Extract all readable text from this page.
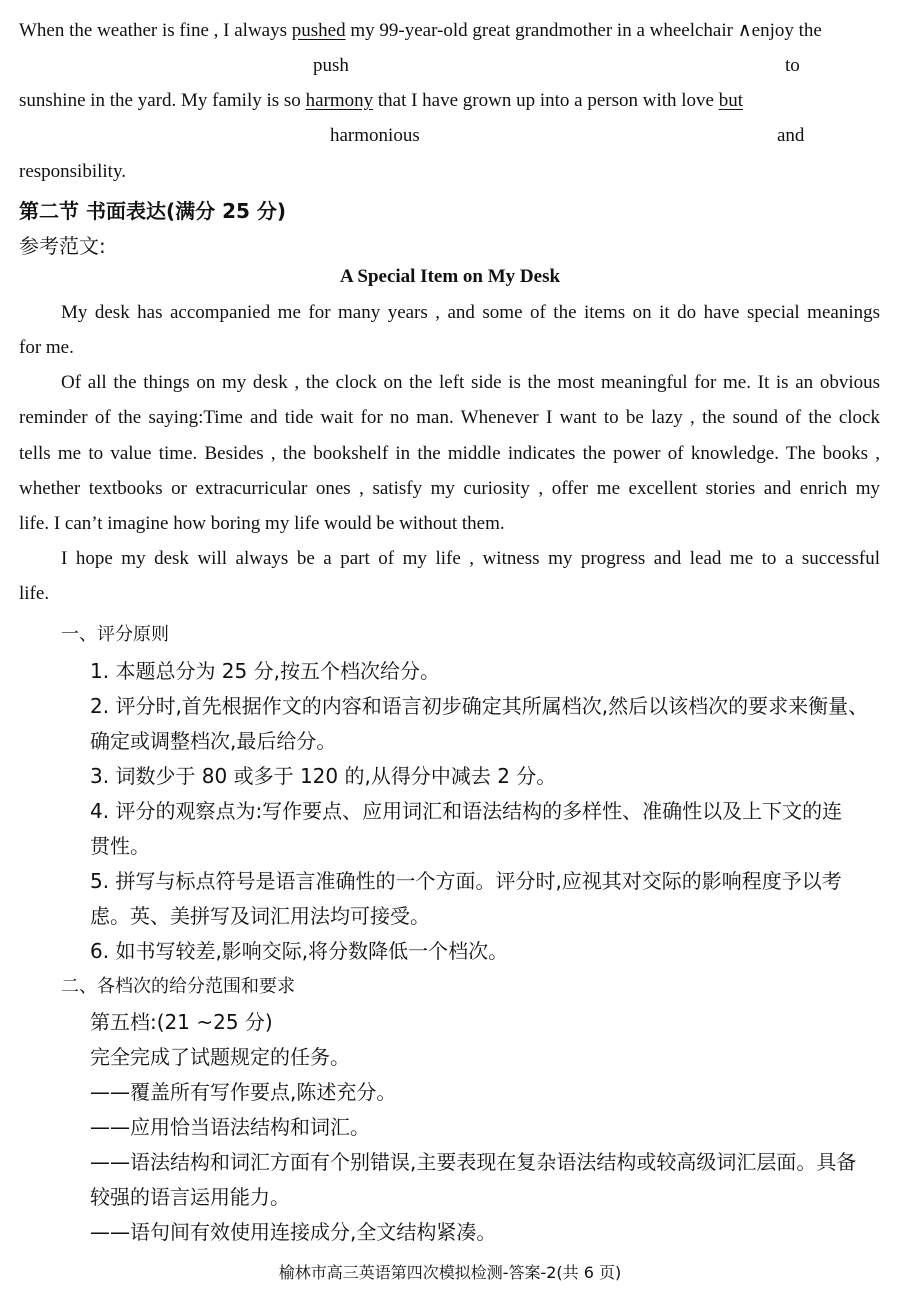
When the weather is fine , I always pushed my 99-year-old great grandmother in a wheelchair ∧enjoy the
push	to
sunshine in the yard. My family is so harmony that I have grown up into a person with love but
harmonious	and
responsibility.
第二节 书面表达(满分 25 分)
参考范文:
A Special Item on My Desk
My desk has accompanied me for many years , and some of the items on it do have special meanings
for me.
Of all the things on my desk , the clock on the left side is the most meaningful for me. It is an obvious
reminder of the saying:Time and tide wait for no man. Whenever I want to be lazy , the sound of the clock
tells me to value time. Besides , the bookshelf in the middle indicates the power of knowledge. The books ,
whether textbooks or extracurricular ones , satisfy my curiosity , offer me excellent stories and enrich my
life. I can’t imagine how boring my life would be without them.
I hope my desk will always be a part of my life , witness my progress and lead me to a successful
life.
一、评分原则
1. 本题总分为 25 分,按五个档次给分。
2. 评分时,首先根据作文的内容和语言初步确定其所属档次,然后以该档次的要求来衡量、
确定或调整档次,最后给分。
3. 词数少于 80 或多于 120 的,从得分中减去 2 分。
4. 评分的观察点为:写作要点、应用词汇和语法结构的多样性、准确性以及上下文的连
贯性。
5. 拼写与标点符号是语言准确性的一个方面。评分时,应视其对交际的影响程度予以考
虑。英、美拼写及词汇用法均可接受。
6. 如书写较差,影响交际,将分数降低一个档次。
二、各档次的给分范围和要求
第五档:(21 ~25 分)
完全完成了试题规定的任务。
——覆盖所有写作要点,陈述充分。
——应用恰当语法结构和词汇。
——语法结构和词汇方面有个别错误,主要表现在复杂语法结构或较高级词汇层面。具备
较强的语言运用能力。
——语句间有效使用连接成分,全文结构紧凑。
榆林市高三英语第四次模拟检测-答案-2(共 6 页)
